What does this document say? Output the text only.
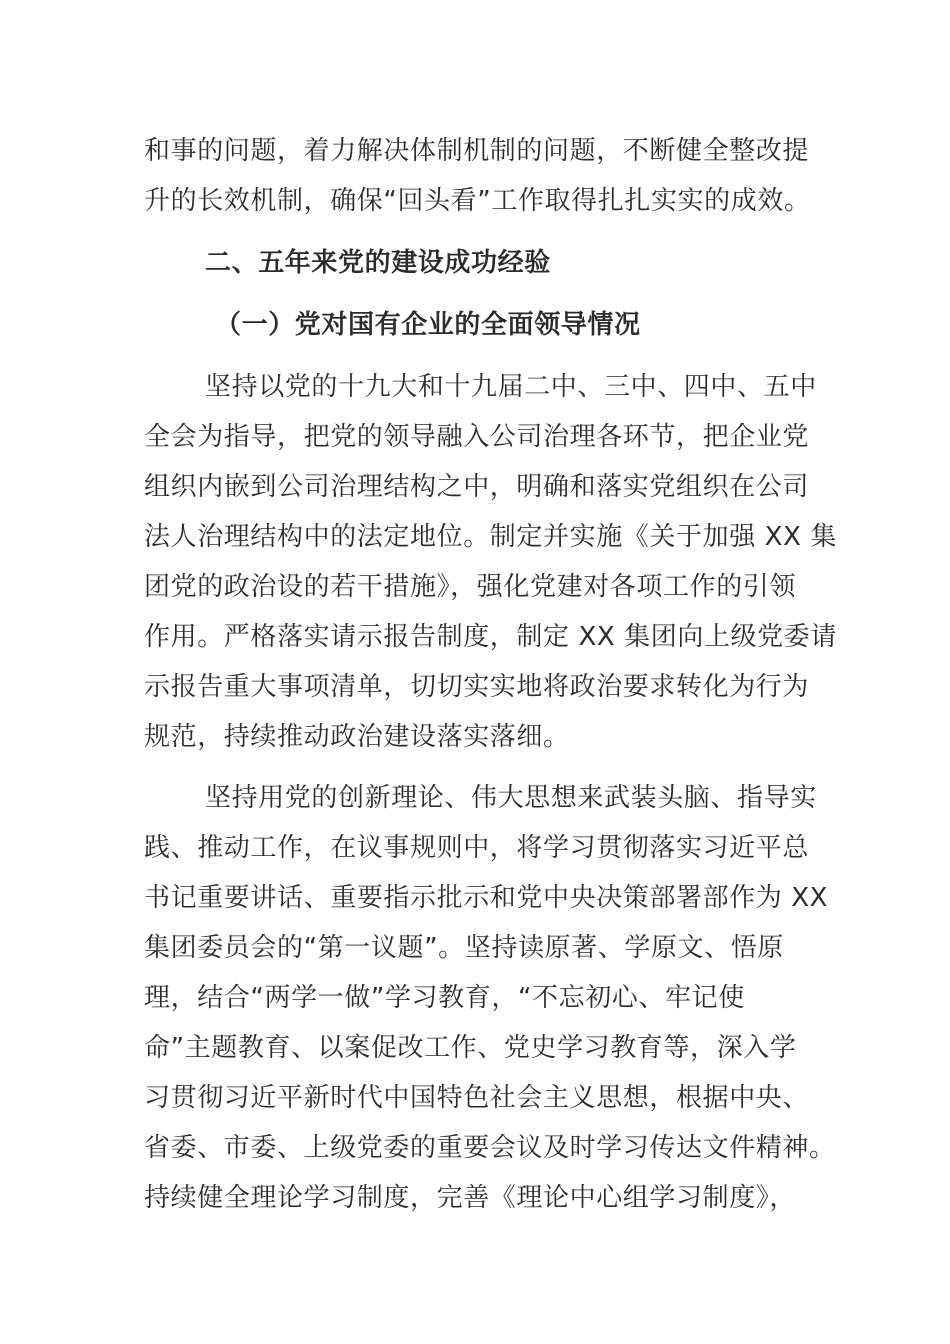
和事的问题，着力解决体制机制的问题，不断健全整改提
升的长效机制，确保“回头看”工作取得扎扎实实的成效。
二、五年来党的建设成功经验
（一）党对国有企业的全面领导情况
坚持以党的十九大和十九届二中、三中、四中、五中
全会为指导，把党的领导融入公司治理各环节，把企业党
组织内嵌到公司治理结构之中，明确和落实党组织在公司
法人治理结构中的法定地位。制定并实施《关于加强 XX 集
团党的政治设的若干措施》，强化党建对各项工作的引领
作用。严格落实请示报告制度，制定 XX 集团向上级党委请
示报告重大事项清单，切切实实地将政治要求转化为行为
规范，持续推动政治建设落实落细。
坚持用党的创新理论、伟大思想来武装头脑、指导实
践、推动工作，在议事规则中，将学习贯彻落实习近平总
书记重要讲话、重要指示批示和党中央决策部署部作为 XX
集团委员会的“第一议题”。坚持读原著、学原文、悟原
理，结合“两学一做”学习教育，“不忘初心、牢记使
命”主题教育、以案促改工作、党史学习教育等，深入学
习贯彻习近平新时代中国特色社会主义思想，根据中央、
省委、市委、上级党委的重要会议及时学习传达文件精神。
持续健全理论学习制度，完善《理论中心组学习制度》，
